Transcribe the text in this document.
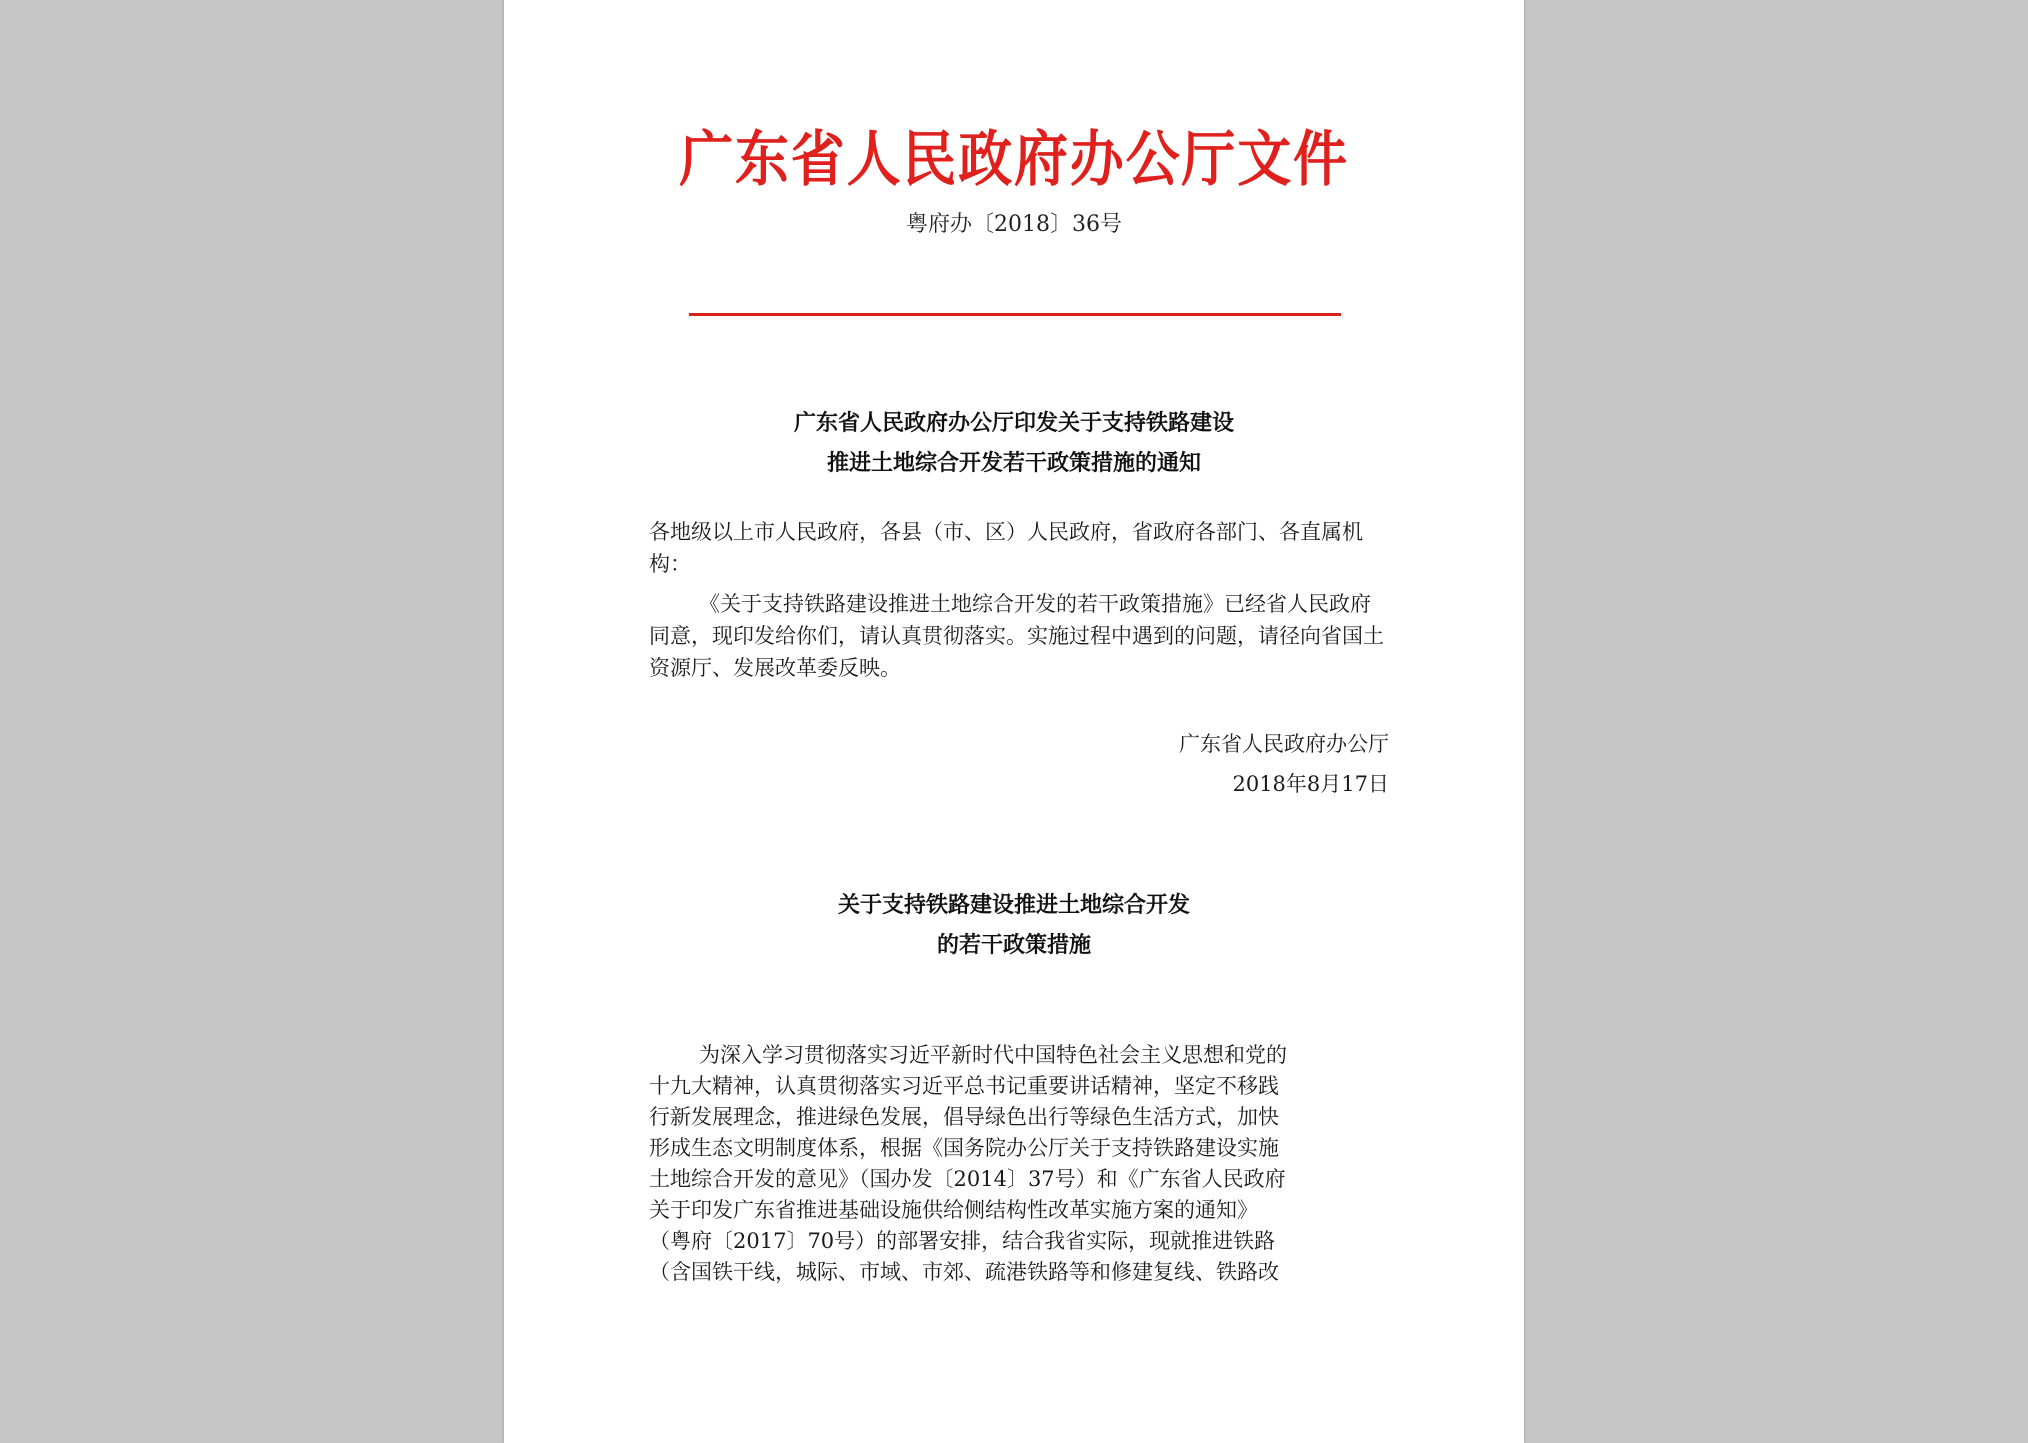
广东省人民政府办公厅文件
粤府办〔2018〕36号
广东省人民政府办公厅印发关于支持铁路建设
推进土地综合开发若干政策措施的通知
各地级以上市人民政府，各县（市、区）人民政府，省政府各部门、各直属机构：
《关于支持铁路建设推进土地综合开发的若干政策措施》已经省人民政府同意，现印发给你们，请认真贯彻落实。实施过程中遇到的问题，请径向省国土资源厅、发展改革委反映。
广东省人民政府办公厅
2018年8月17日
关于支持铁路建设推进土地综合开发
的若干政策措施
为深入学习贯彻落实习近平新时代中国特色社会主义思想和党的
十九大精神，认真贯彻落实习近平总书记重要讲话精神，坚定不移践
行新发展理念，推进绿色发展，倡导绿色出行等绿色生活方式，加快
形成生态文明制度体系，根据《国务院办公厅关于支持铁路建设实施
土地综合开发的意见》（国办发〔2014〕37号）和《广东省人民政府
关于印发广东省推进基础设施供给侧结构性改革实施方案的通知》
（粤府〔2017〕70号）的部署安排，结合我省实际，现就推进铁路
（含国铁干线，城际、市域、市郊、疏港铁路等和修建复线、铁路改
